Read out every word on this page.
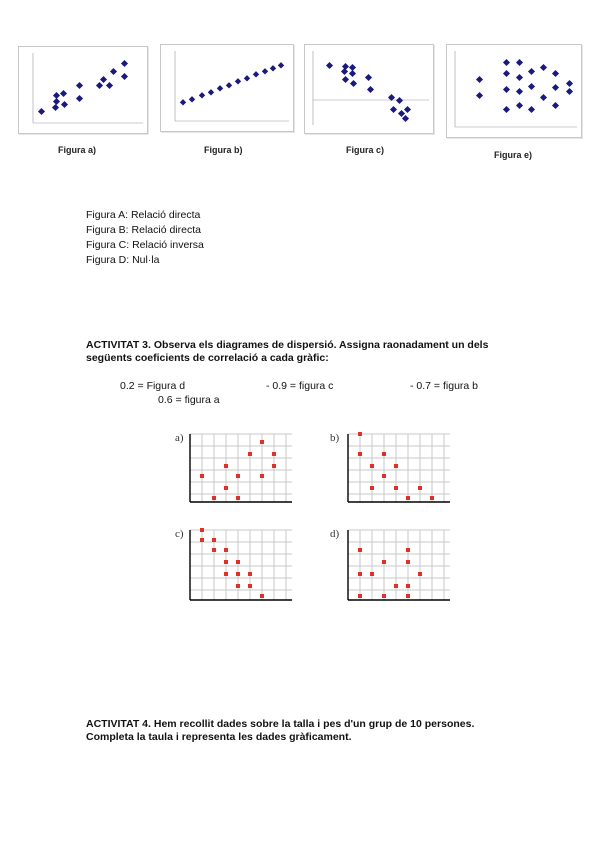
Figura a)	Figura b)	Figura c)	Figura e)
Figura A: Relació directa
Figura B: Relació directa
Figura C: Relació inversa
Figura D: Nul·la
ACTIVITAT 3. Observa els diagrames de dispersió. Assigna raonadament un dels següents coeficients de correlació a cada gràfic:
0.2 = Figura d	- 0.9 = figura c	- 0.7 = figura b
0.6 = figura a
a)	b)
c)	d)
ACTIVITAT 4. Hem recollit dades sobre la talla i pes d'un grup de 10 persones. Completa la taula i representa les dades gràficament.
